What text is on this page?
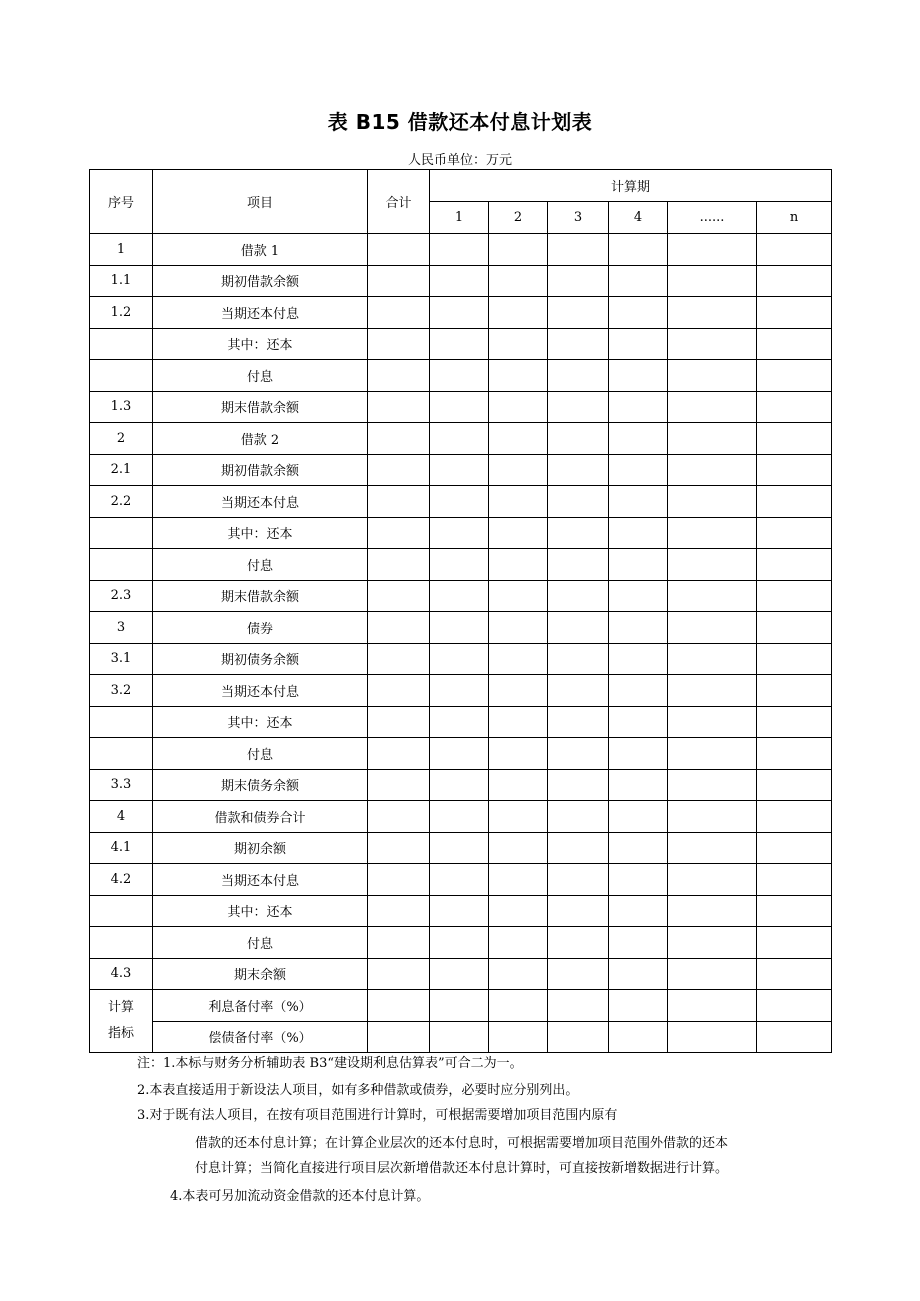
表 B15 借款还本付息计划表
人民币单位：万元
序号	项目	合计	计算期					
			1	2	3	4	......	n
1	借款 1							
1.1	期初借款余额							
1.2	当期还本付息							
	其中：还本							
	付息							
1.3	期末借款余额							
2	借款 2							
2.1	期初借款余额							
2.2	当期还本付息							
	其中：还本							
	付息							
2.3	期末借款余额							
3	债券							
3.1	期初债务余额							
3.2	当期还本付息							
	其中：还本							
	付息							
3.3	期末债务余额							
4	借款和债券合计							
4.1	期初余额							
4.2	当期还本付息							
	其中：还本							
	付息							
4.3	期末余额							
计算
指标	利息备付率（%）							
	偿债备付率（%）							
注：1.本标与财务分析辅助表 B3“建设期利息估算表”可合二为一。
2.本表直接适用于新设法人项目，如有多种借款或债券，必要时应分别列出。
3.对于既有法人项目，在按有项目范围进行计算时，可根据需要增加项目范围内原有
借款的还本付息计算；在计算企业层次的还本付息时，可根据需要增加项目范围外借款的还本
付息计算；当简化直接进行项目层次新增借款还本付息计算时，可直接按新增数据进行计算。
4.本表可另加流动资金借款的还本付息计算。
